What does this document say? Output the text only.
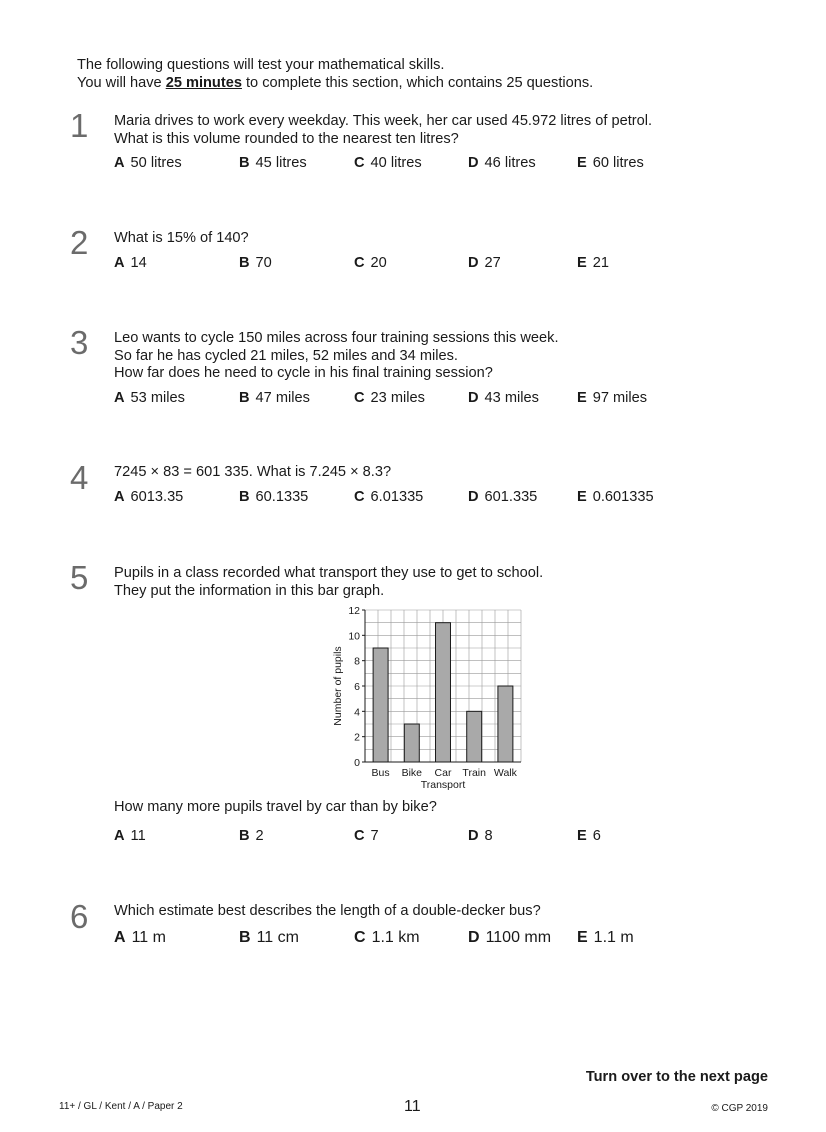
The following questions will test your mathematical skills.
You will have 25 minutes to complete this section, which contains 25 questions.
1 Maria drives to work every weekday. This week, her car used 45.972 litres of petrol.
What is this volume rounded to the nearest ten litres?
A 50 litres	B 45 litres	C 40 litres	D 46 litres	E 60 litres
2 What is 15% of 140?
A 14	B 70	C 20	D 27	E 21
3 Leo wants to cycle 150 miles across four training sessions this week.
So far he has cycled 21 miles, 52 miles and 34 miles.
How far does he need to cycle in his final training session?
A 53 miles	B 47 miles	C 23 miles	D 43 miles	E 97 miles
4 7245 × 83 = 601 335. What is 7.245 × 8.3?
A 6013.35	B 60.1335	C 6.01335	D 601.335	E 0.601335
5 Pupils in a class recorded what transport they use to get to school.
They put the information in this bar graph.
0
2
4
6
8
10
12
Bus Bike Car Train Walk
Transport
Number of pupils
How many more pupils travel by car than by bike?
A 11	B 2	C 7	D 8	E 6
6 Which estimate best describes the length of a double-decker bus?
A 11 m	B 11 cm	C 1.1 km	D 1100 mm E 1.1 m
Turn over to the next page
11+ / GL / Kent / A / Paper 2	11	© CGP 2019
